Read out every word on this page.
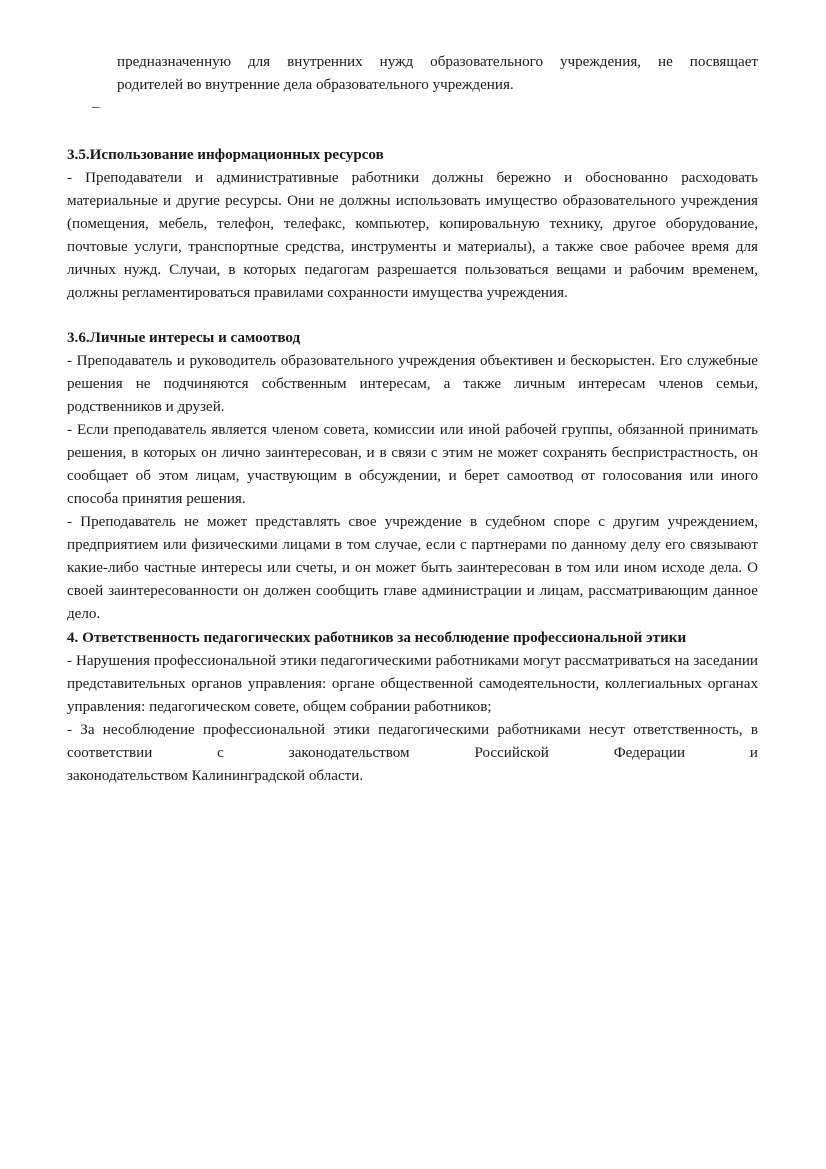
предназначенную для внутренних нужд образовательного учреждения, не посвящает

родителей во внутренние дела образовательного учреждения.

–
3.5.Использование информационных ресурсов

- Преподаватели и административные работники должны бережно и обоснованно расходовать материальные и другие ресурсы. Они не должны использовать имущество образовательного учреждения (помещения, мебель, телефон, телефакс, компьютер, копировальную технику, другое оборудование, почтовые услуги, транспортные средства, инструменты и материалы), а также свое рабочее время для личных нужд. Случаи, в которых педагогам разрешается пользоваться вещами и рабочим временем, должны регламентироваться правилами сохранности имущества учреждения.

3.6.Личные интересы и самоотвод

- Преподаватель и руководитель образовательного учреждения объективен и бескорыстен. Его служебные решения не подчиняются собственным интересам, а также личным интересам членов семьи, родственников и друзей.

- Если преподаватель является членом совета, комиссии или иной рабочей группы, обязанной принимать решения, в которых он лично заинтересован, и в связи с этим не может сохранять беспристрастность, он сообщает об этом лицам, участвующим в обсуждении, и берет самоотвод от голосования или иного способа принятия решения.

- Преподаватель не может представлять свое учреждение в судебном споре с другим учреждением, предприятием или физическими лицами в том случае, если с партнерами по данному делу его связывают какие-либо частные интересы или счеты, и он может быть заинтересован в том или ином исходе дела. О своей заинтересованности он должен сообщить главе администрации и лицам, рассматривающим данное дело.

4. Ответственность педагогических работников за несоблюдение профессиональной этики

- Нарушения профессиональной этики педагогическими работниками могут рассматриваться на заседании представительных органов управления: органе общественной самодеятельности, коллегиальных органах управления: педагогическом совете, общем собрании работников;

- За несоблюдение профессиональной этики педагогическими работниками несут ответственность, в соответствии с законодательством Российской Федерации и

законодательством Калининградской области.
